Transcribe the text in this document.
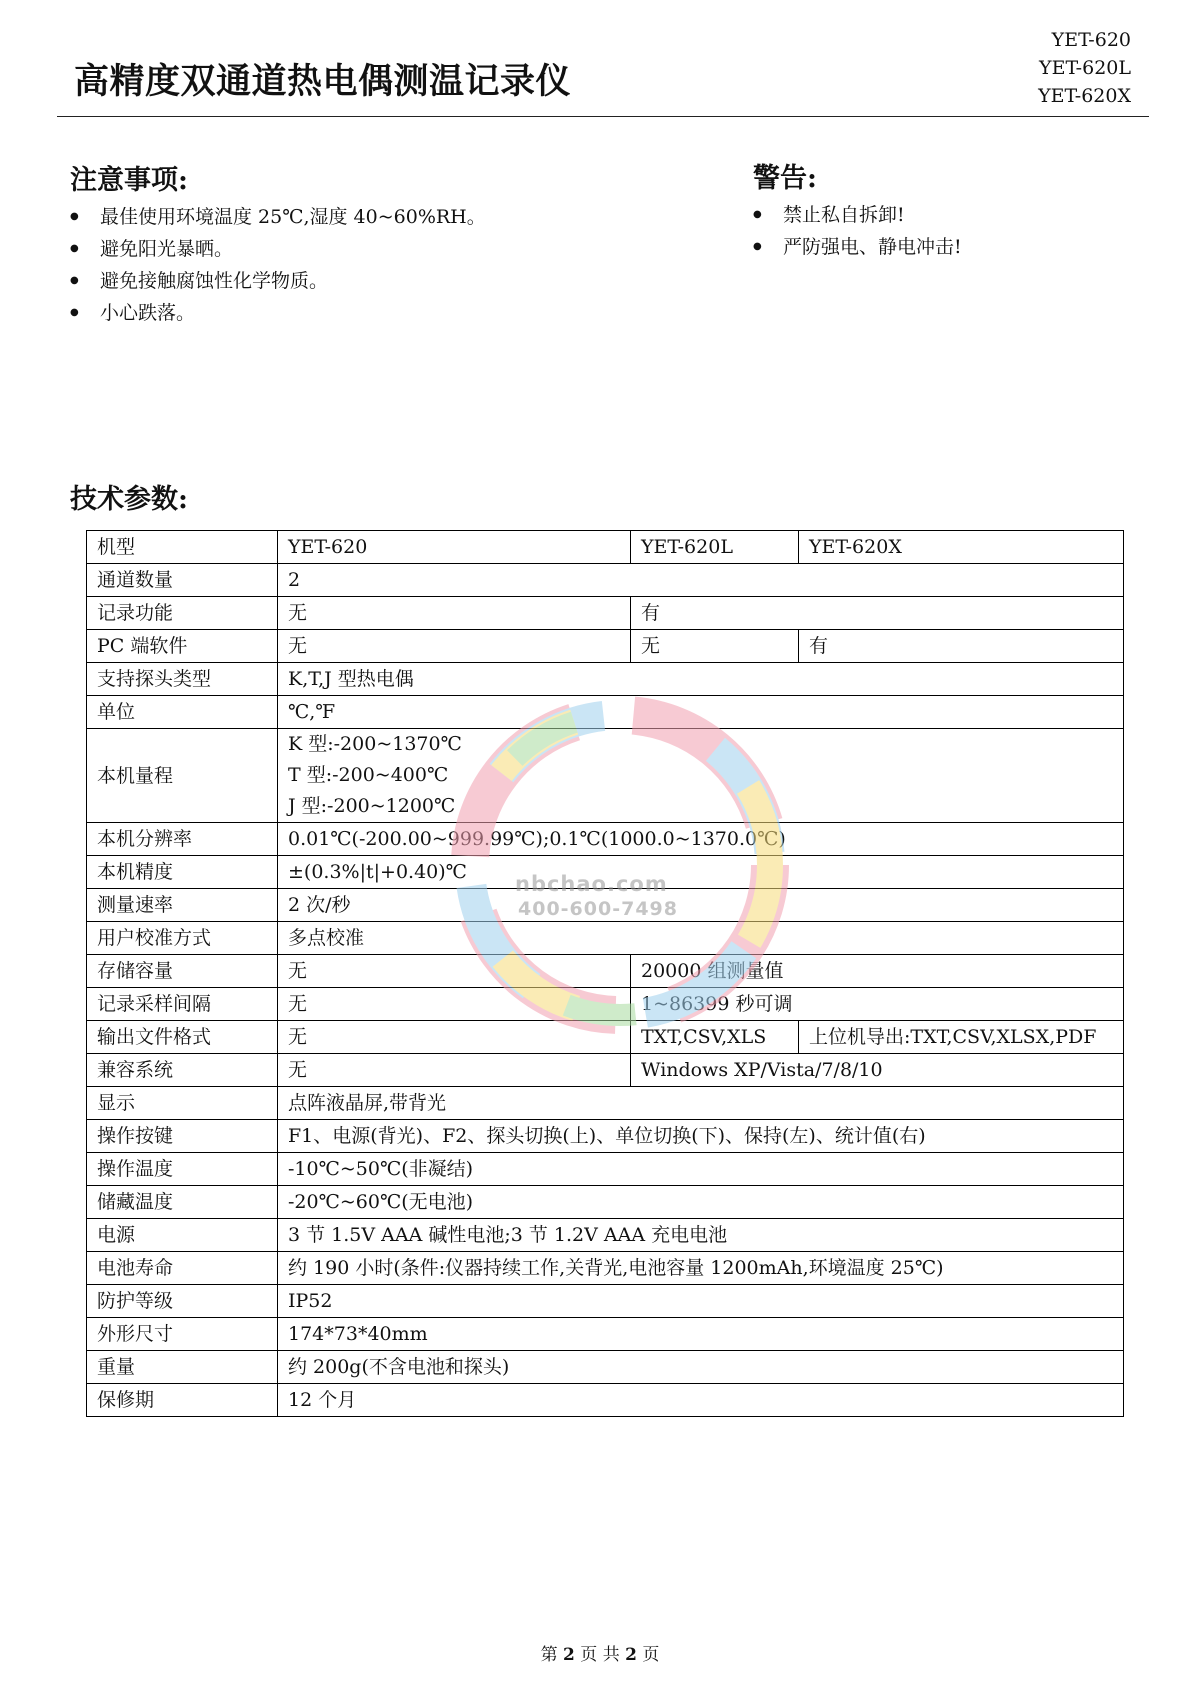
高精度双通道热电偶测温记录仪
YET-620
YET-620L
YET-620X
注意事项:
● 最佳使用环境温度 25℃,湿度 40~60%RH。
● 避免阳光暴晒。
● 避免接触腐蚀性化学物质。
● 小心跌落。
警告:
● 禁止私自拆卸!
● 严防强电、静电冲击!
技术参数:
机型	YET-620	YET-620L	YET-620X
通道数量	2		
记录功能	无	有	
PC 端软件	无	无	有
支持探头类型	K,T,J 型热电偶		
单位	℃,℉		
本机量程	K 型:-200~1370℃
T 型:-200~400℃
J 型:-200~1200℃		

本机分辨率	0.01℃(-200.00~999.99℃);0.1℃(1000.0~1370.0℃)		
本机精度	±(0.3%|t|+0.40)℃		
测量速率	2 次/秒		
用户校准方式	多点校准		
存储容量	无	20000 组测量值	
记录采样间隔	无	1~86399 秒可调	
输出文件格式	无	TXT,CSV,XLS	上位机导出:TXT,CSV,XLSX,PDF
兼容系统	无	Windows XP/Vista/7/8/10	
显示	点阵液晶屏,带背光		
操作按键	F1、电源(背光)、F2、探头切换(上)、单位切换(下)、保持(左)、统计值(右)		
操作温度	-10℃~50℃(非凝结)		
储藏温度	-20℃~60℃(无电池)		
电源	3 节 1.5V AAA 碱性电池;3 节 1.2V AAA 充电电池		
电池寿命	约 190 小时(条件:仪器持续工作,关背光,电池容量 1200mAh,环境温度 25℃)		
防护等级	IP52		
外形尺寸	174*73*40mm		
重量	约 200g(不含电池和探头)		
保修期	12 个月		
nbchao.com
400-600-7498
第 2 页 共 2 页
